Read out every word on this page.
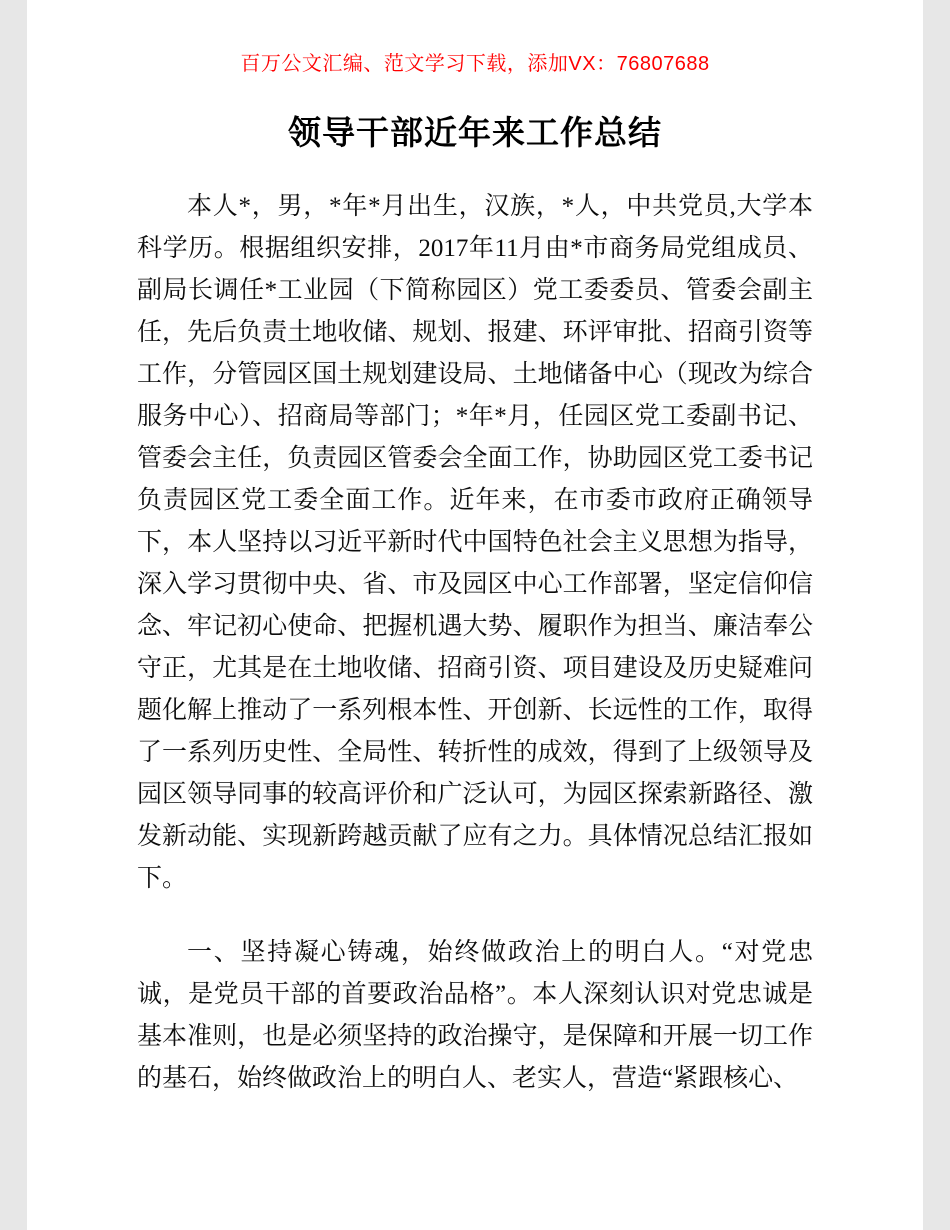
百万公文汇编、范文学习下载，添加VX：76807688
领导干部近年来工作总结

本人*，男，*年*月出生，汉族，*人，中共党员,大学本科学历。根据组织安排，2017年11月由*市商务局党组成员、副局长调任*工业园（下简称园区）党工委委员、管委会副主任，先后负责土地收储、规划、报建、环评审批、招商引资等工作，分管园区国土规划建设局、土地储备中心（现改为综合服务中心）、招商局等部门；*年*月，任园区党工委副书记、管委会主任，负责园区管委会全面工作，协助园区党工委书记负责园区党工委全面工作。近年来，在市委市政府正确领导下，本人坚持以习近平新时代中国特色社会主义思想为指导，深入学习贯彻中央、省、市及园区中心工作部署，坚定信仰信念、牢记初心使命、把握机遇大势、履职作为担当、廉洁奉公守正，尤其是在土地收储、招商引资、项目建设及历史疑难问题化解上推动了一系列根本性、开创新、长远性的工作，取得了一系列历史性、全局性、转折性的成效，得到了上级领导及园区领导同事的较高评价和广泛认可，为园区探索新路径、激发新动能、实现新跨越贡献了应有之力。具体情况总结汇报如下。

一、坚持凝心铸魂，始终做政治上的明白人。“对党忠诚，是党员干部的首要政治品格”。本人深刻认识对党忠诚是基本准则，也是必须坚持的政治操守，是保障和开展一切工作的基石，始终做政治上的明白人、老实人，营造“紧跟核心、
